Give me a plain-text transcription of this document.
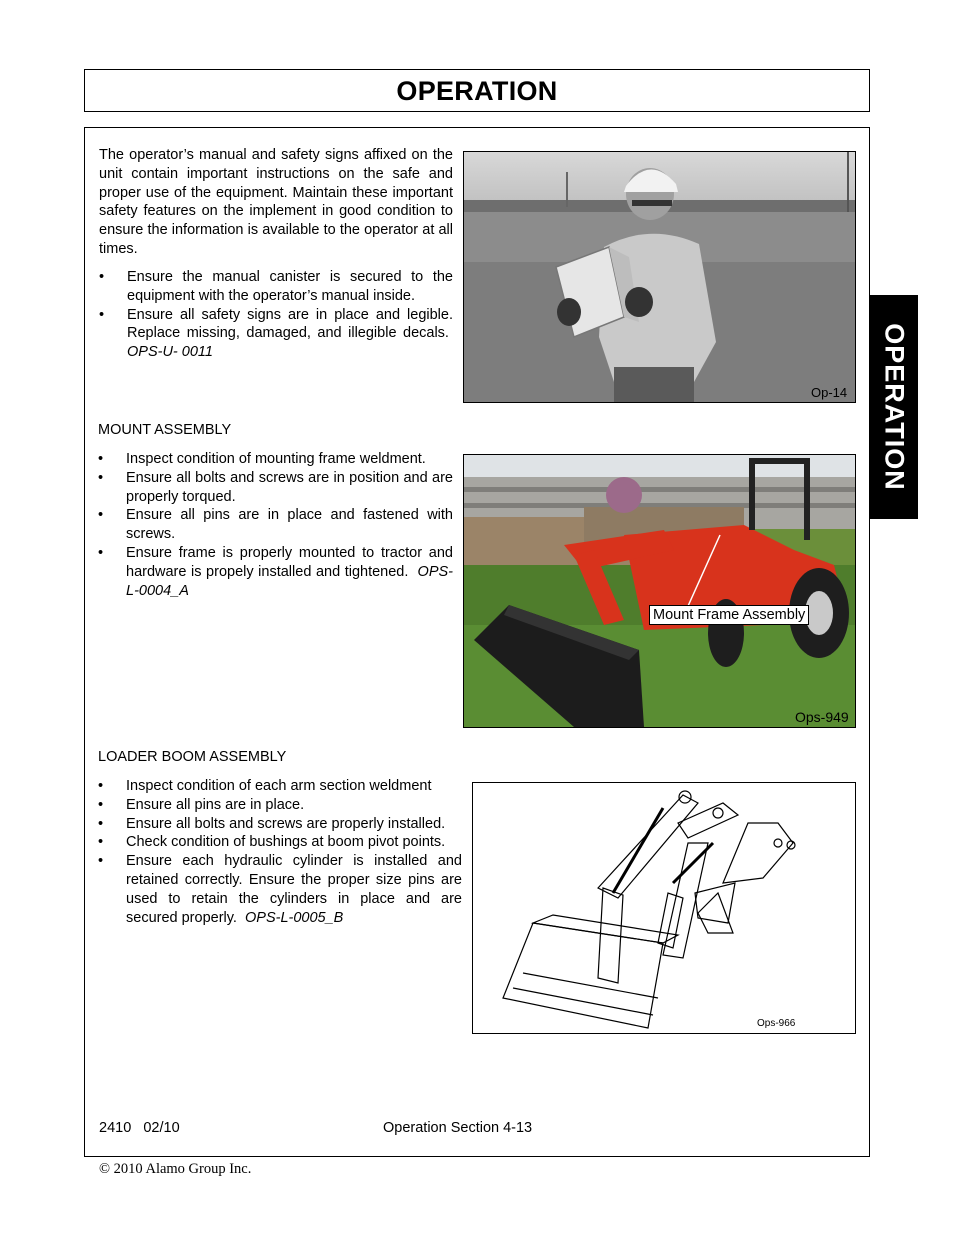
OPERATION
OPERATION
The operator’s manual and safety signs affixed on the unit contain important instructions on the safe and proper use of the equipment. Maintain these important safety features on the implement in good condition to ensure the information is available to the operator at all times.
• Ensure the manual canister is secured to the equipment with the operator’s manual inside.
• Ensure all safety signs are in place and legible. Replace missing, damaged, and illegible decals.  OPS-U- 0011
Op-14
MOUNT ASSEMBLY
• Inspect condition of mounting frame weldment.
• Ensure all bolts and screws are in position and are properly torqued.
• Ensure all pins are in place and fastened with screws.
• Ensure frame is properly mounted to tractor and hardware is propely installed and tightened. OPS-L-0004_A
Mount Frame Assembly
Ops-949
LOADER BOOM ASSEMBLY
• Inspect condition of each arm section weldment
• Ensure all pins are in place.
• Ensure all bolts and screws are properly installed.
• Check condition of bushings at boom pivot points.
• Ensure each hydraulic cylinder is installed and retained correctly. Ensure the proper size pins are used to retain the cylinders in place and are secured properly. OPS-L-0005_B
Ops-966
2410   02/10	Operation Section 4-13
© 2010 Alamo Group Inc.
